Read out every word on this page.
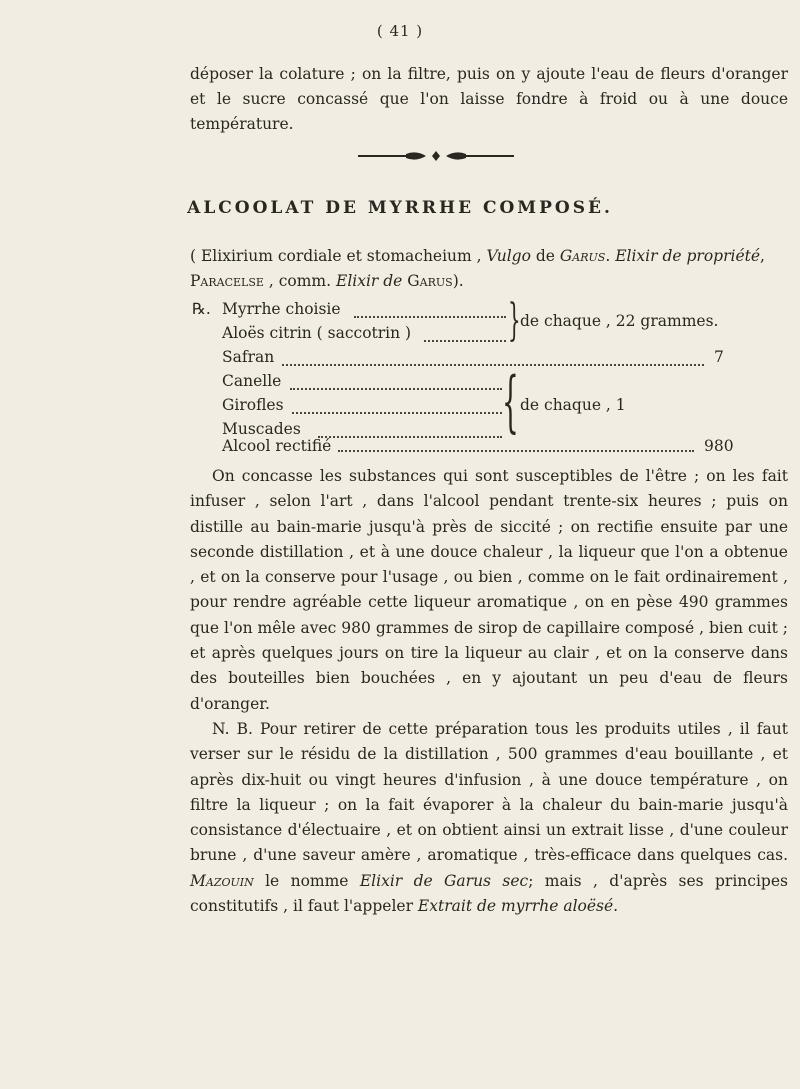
( 41 )
déposer la colature ; on la filtre, puis on y ajoute l'eau de fleurs d'oranger et le sucre concassé que l'on laisse fondre à froid ou à une douce température.
ALCOOLAT DE MYRRHE COMPOSÉ.
( Elixirium cordiale et stomacheium , Vulgo de Garus. Elixir de propriété, Paracelse , comm. Elixir de Garus).
℞. Myrrhe choisie
Aloës citrin ( saccotrin ) } de chaque , 22 grammes.
Safran	7
Canelle
Girofles
Muscades	{ de chaque , 1
Alcool rectifié	980

On concasse les substances qui sont susceptibles de l'être ; on les fait infuser , selon l'art , dans l'alcool pendant trente-six heures ; puis on distille au bain-marie jusqu'à près de siccité ; on rectifie ensuite par une seconde distillation , et à une douce chaleur , la liqueur que l'on a obtenue , et on la conserve pour l'usage , ou bien , comme on le fait ordinairement , pour rendre agréable cette liqueur aromatique , on en pèse 490 grammes que l'on mêle avec 980 grammes de sirop de capillaire composé , bien cuit ; et après quelques jours on tire la liqueur au clair , et on la conserve dans des bouteilles bien bouchées , en y ajoutant un peu d'eau de fleurs d'oranger.

N. B. Pour retirer de cette préparation tous les produits utiles , il faut verser sur le résidu de la distillation , 500 grammes d'eau bouillante , et après dix-huit ou vingt heures d'infusion , à une douce température , on filtre la liqueur ; on la fait évaporer à la chaleur du bain-marie jusqu'à consistance d'électuaire , et on obtient ainsi un extrait lisse , d'une couleur brune , d'une saveur amère , aromatique , très-efficace dans quelques cas. Mazouin le nomme Elixir de Garus sec; mais , d'après ses principes constitutifs , il faut l'appeler Extrait de myrrhe aloësé.
